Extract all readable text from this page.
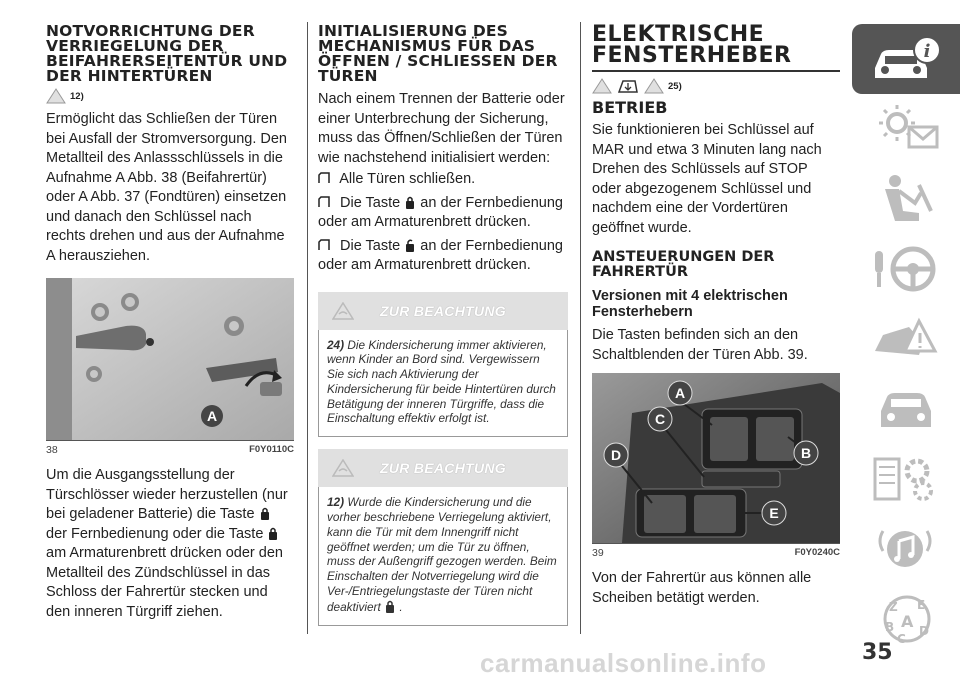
NOTVORRICHTUNG DER VERRIEGELUNG DER BEIFAHRERSEITENTÜR UND DER HINTERTÜREN
12)

Ermöglicht das Schließen der Türen bei Ausfall der Stromversorgung. Den Metallteil des Anlassschlüssels in die Aufnahme A Abb. 38 (Beifahrertür) oder A Abb. 37 (Fondtüren) einsetzen und danach den Schlüssel nach rechts drehen und aus der Aufnahme A herausziehen.

A
38	F0Y0110C

Um die Ausgangsstellung der Türschlösser wieder herzustellen (nur bei geladener Batterie) die Taste  der Fernbedienung oder die Taste  am Armaturenbrett drücken oder den Metallteil des Zündschlüssel in das Schloss der Fahrertür stecken und den inneren Türgriff ziehen.

INITIALISIERUNG DES MECHANISMUS FÜR DAS ÖFFNEN / SCHLIESSEN DER TÜREN

Nach einem Trennen der Batterie oder einer Unterbrechung der Sicherung, muss das Öffnen/Schließen der Türen wie nachstehend initialisiert werden:

Alle Türen schließen.

Die Taste an der Fernbedienung oder am Armaturenbrett drücken.

Die Taste an der Fernbedienung oder am Armaturenbrett drücken.

ZUR BEACHTUNG
24) Die Kindersicherung immer aktivieren, wenn Kinder an Bord sind. Vergewissern Sie sich nach Aktivierung der Kindersicherung für beide Hintertüren durch Betätigung der inneren Türgriffe, dass die Einschaltung effektiv erfolgt ist.
ZUR BEACHTUNG
12) Wurde die Kindersicherung und die vorher beschriebene Verriegelung aktiviert, kann die Tür mit dem Innengriff nicht geöffnet werden; um die Tür zu öffnen, muss der Außengriff gezogen werden. Beim Einschalten der Notverriegelung wird die Ver-/Entriegelungstaste der Türen nicht deaktiviert .
ELEKTRISCHE FENSTERHEBER
25)
BETRIEB

Sie funktionieren bei Schlüssel auf MAR und etwa 3 Minuten lang nach Drehen des Schlüssels auf STOP oder abgezogenem Schlüssel und nachdem eine der Vordertüren geöffnet wurde.

ANSTEUERUNGEN DER FAHRERTÜR
Versionen mit 4 elektrischen Fensterhebern

Die Tasten befinden sich an den Schaltblenden der Türen Abb. 39.

A
B
C
D
E
39	F0Y0240C

Von der Fahrertür aus können alle Scheiben betätigt werden.

i
Z E
B A D
C
35
carmanualsonline.info
